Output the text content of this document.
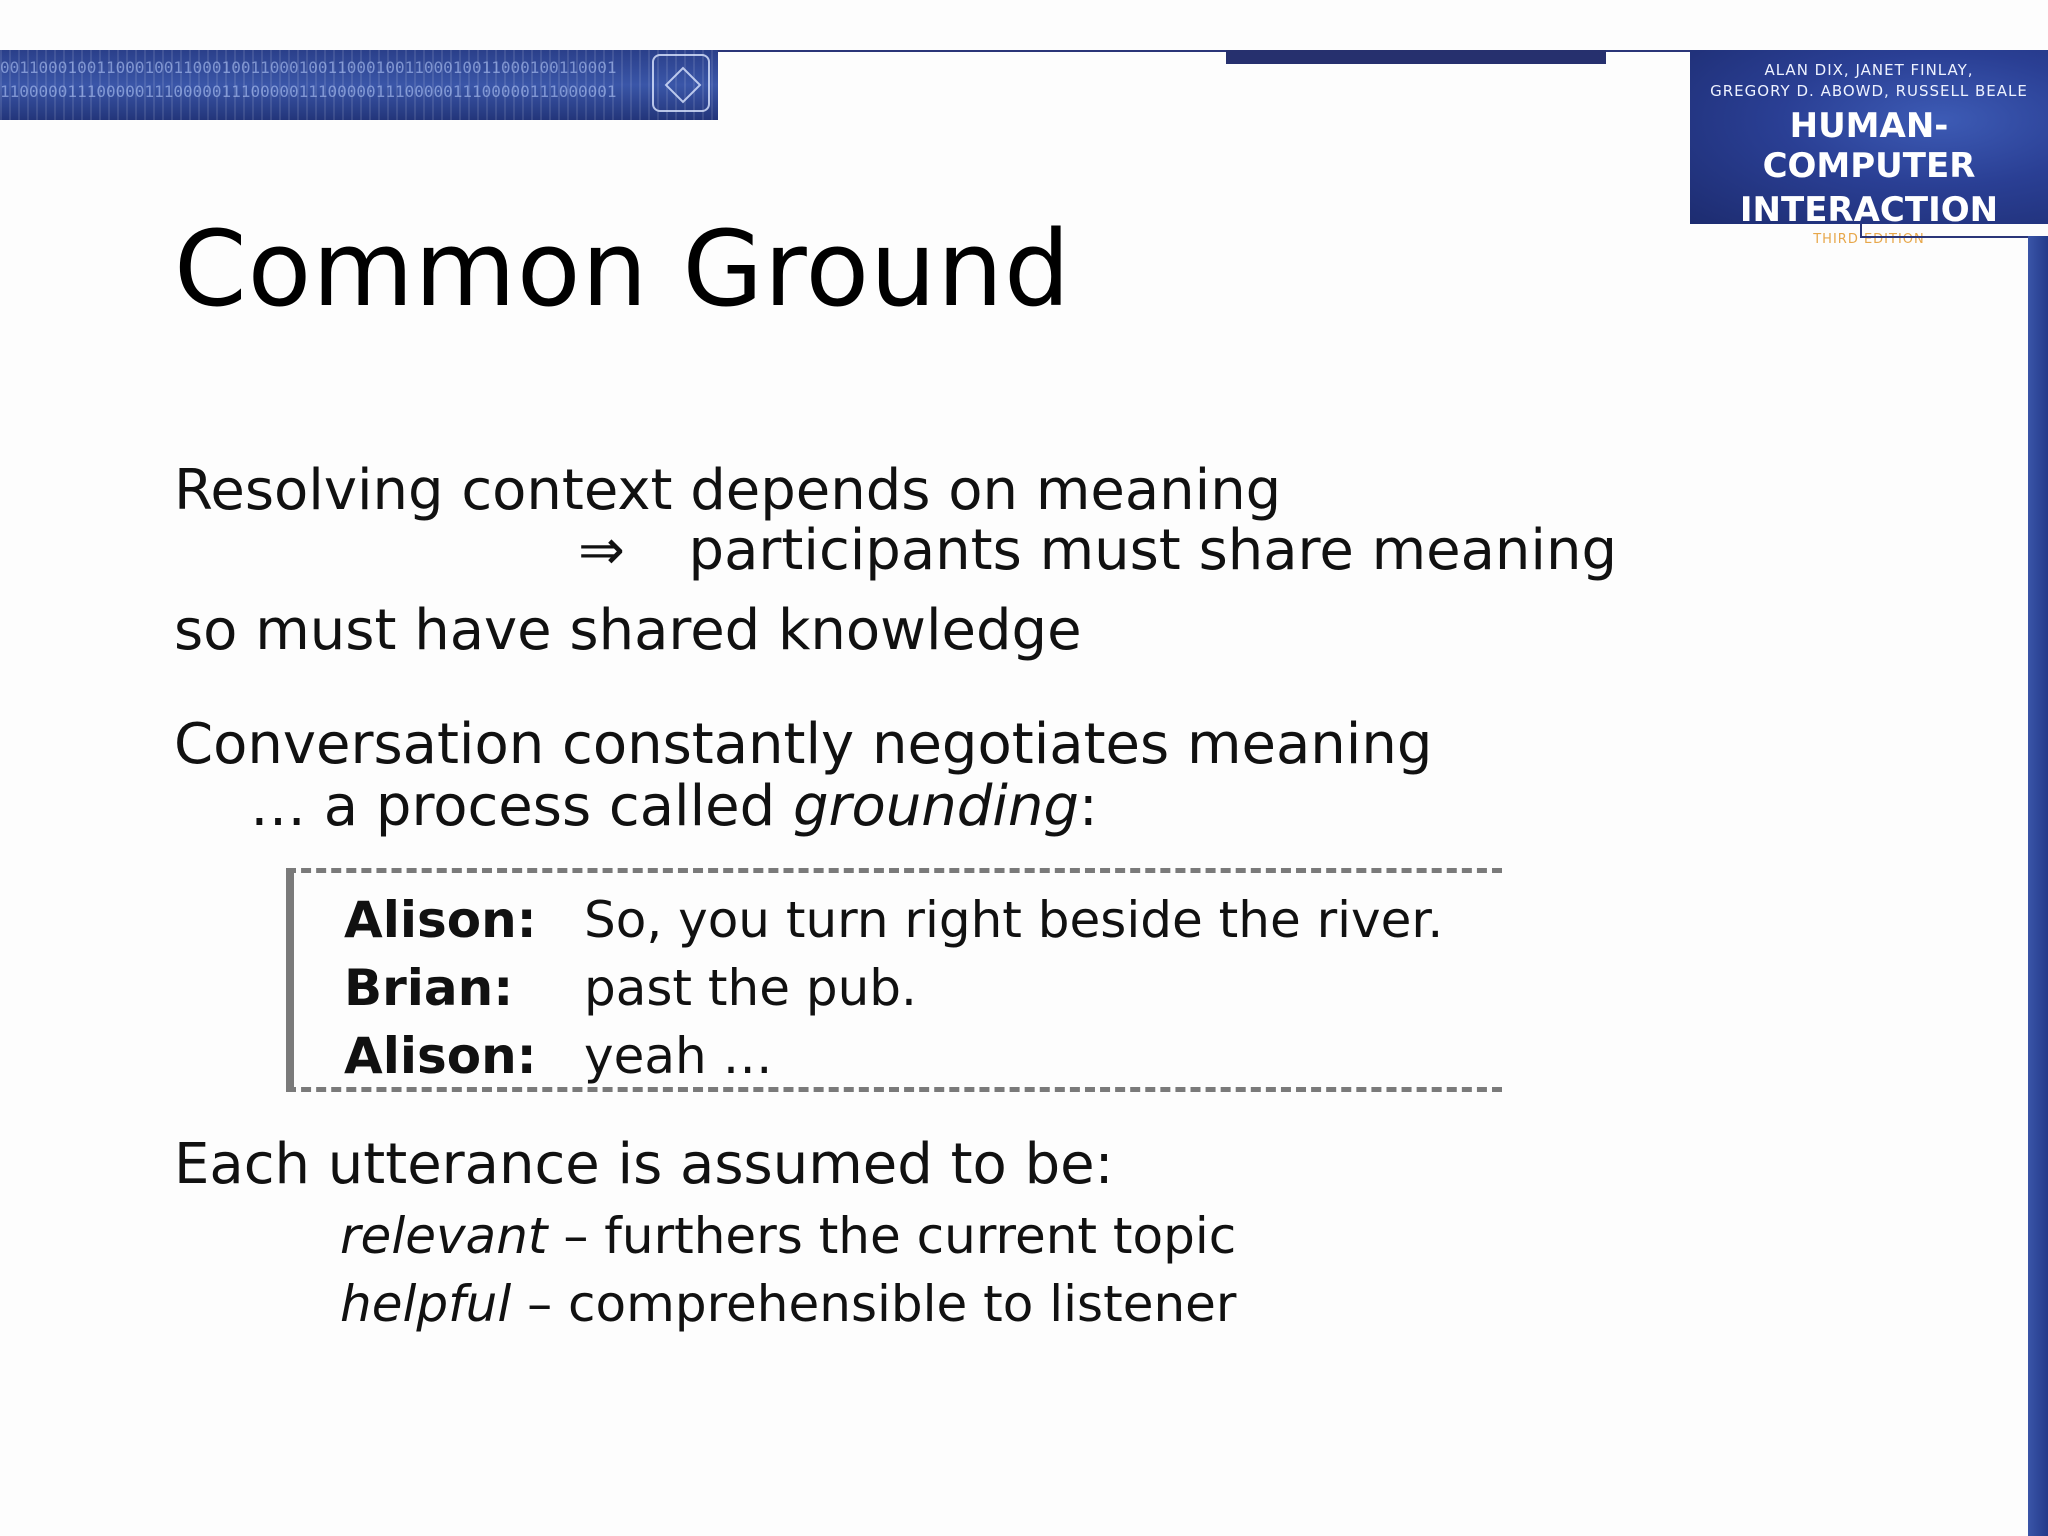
0011000100110001001100010011000100110001001100010011000100110001
1100000111000001110000011100000111000001110000011100000111000001
ALAN DIX, JANET FINLAY,
GREGORY D. ABOWD, RUSSELL BEALE
HUMAN-COMPUTER
INTERACTION
THIRD EDITION
Common Ground
Resolving context depends on meaning
⇒ participants must share meaning
so must have shared knowledge
Conversation constantly negotiates meaning
… a process called grounding:
Alison: So, you turn right beside the river.
Brian: past the pub.
Alison: yeah …
Each utterance is assumed to be:
relevant – furthers the current topic
helpful – comprehensible to listener
